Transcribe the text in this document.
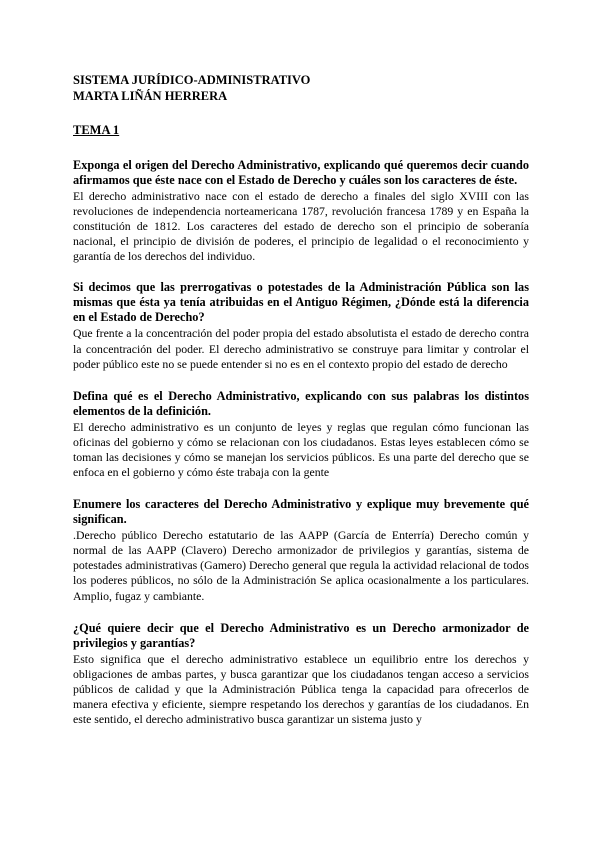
SISTEMA JURÍDICO-ADMINISTRATIVO

MARTA LIÑÁN HERRERA

TEMA 1

Exponga el origen del Derecho Administrativo, explicando qué queremos decir cuando afirmamos que éste nace con el Estado de Derecho y cuáles son los caracteres de éste.

El derecho administrativo nace con el estado de derecho a finales del siglo XVIII con las revoluciones de independencia norteamericana 1787, revolución francesa 1789 y en España la constitución de 1812. Los caracteres del estado de derecho son el principio de soberanía nacional, el principio de división de poderes, el principio de legalidad o el reconocimiento y garantía de los derechos del individuo.

Si decimos que las prerrogativas o potestades de la Administración Pública son las mismas que ésta ya tenía atribuidas en el Antiguo Régimen, ¿Dónde está la diferencia en el Estado de Derecho?

Que frente a la concentración del poder propia del estado absolutista el estado de derecho contra la concentración del poder. El derecho administrativo se construye para limitar y controlar el poder público este no se puede entender si no es en el contexto propio del estado de derecho

Defina qué es el Derecho Administrativo, explicando con sus palabras los distintos elementos de la definición.

El derecho administrativo es un conjunto de leyes y reglas que regulan cómo funcionan las oficinas del gobierno y cómo se relacionan con los ciudadanos. Estas leyes establecen cómo se toman las decisiones y cómo se manejan los servicios públicos. Es una parte del derecho que se enfoca en el gobierno y cómo éste trabaja con la gente

Enumere los caracteres del Derecho Administrativo y explique muy brevemente qué significan.

.Derecho público Derecho estatutario de las AAPP (García de Enterría) Derecho común y normal de las AAPP (Clavero) Derecho armonizador de privilegios y garantías, sistema de potestades administrativas (Gamero) Derecho general que regula la actividad relacional de todos los poderes públicos, no sólo de la Administración Se aplica ocasionalmente a los particulares. Amplio, fugaz y cambiante.

¿Qué quiere decir que el Derecho Administrativo es un Derecho armonizador de privilegios y garantías?

Esto significa que el derecho administrativo establece un equilibrio entre los derechos y obligaciones de ambas partes, y busca garantizar que los ciudadanos tengan acceso a servicios públicos de calidad y que la Administración Pública tenga la capacidad para ofrecerlos de manera efectiva y eficiente, siempre respetando los derechos y garantías de los ciudadanos. En este sentido, el derecho administrativo busca garantizar un sistema justo y
